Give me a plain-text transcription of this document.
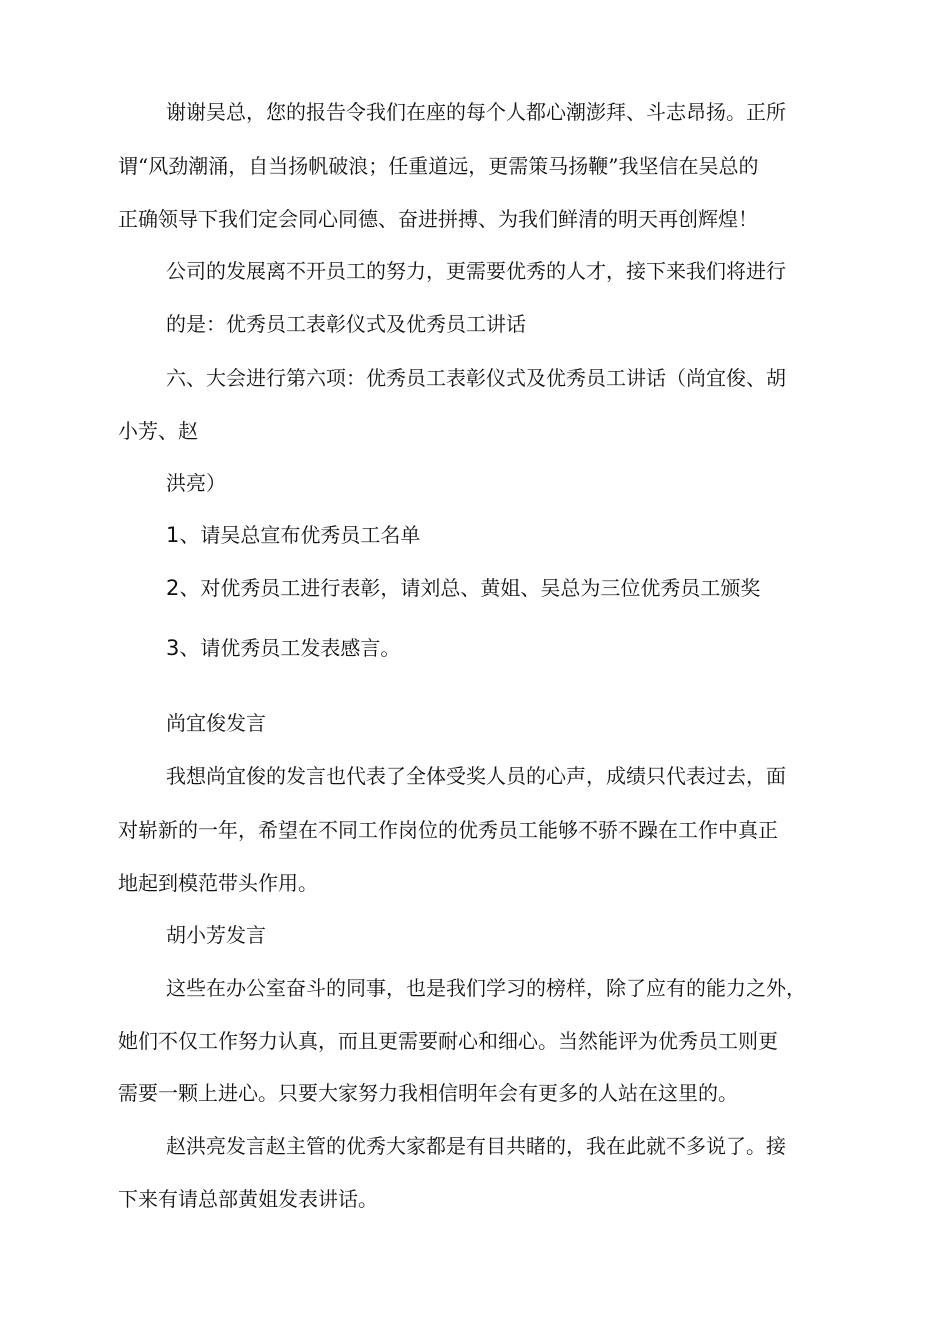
谢谢吴总，您的报告令我们在座的每个人都心潮澎拜、斗志昂扬。正所
谓“风劲潮涌，自当扬帆破浪；任重道远，更需策马扬鞭”我坚信在吴总的
正确领导下我们定会同心同德、奋进拼搏、为我们鲜清的明天再创辉煌！
公司的发展离不开员工的努力，更需要优秀的人才，接下来我们将进行
的是：优秀员工表彰仪式及优秀员工讲话
六、大会进行第六项：优秀员工表彰仪式及优秀员工讲话（尚宜俊、胡
小芳、赵
洪亮）
1、请吴总宣布优秀员工名单
2、对优秀员工进行表彰，请刘总、黄姐、吴总为三位优秀员工颁奖
3、请优秀员工发表感言。
尚宜俊发言
我想尚宜俊的发言也代表了全体受奖人员的心声，成绩只代表过去，面
对崭新的一年，希望在不同工作岗位的优秀员工能够不骄不躁在工作中真正
地起到模范带头作用。
胡小芳发言
这些在办公室奋斗的同事，也是我们学习的榜样，除了应有的能力之外，
她们不仅工作努力认真，而且更需要耐心和细心。当然能评为优秀员工则更
需要一颗上进心。只要大家努力我相信明年会有更多的人站在这里的。
赵洪亮发言赵主管的优秀大家都是有目共睹的，我在此就不多说了。接
下来有请总部黄姐发表讲话。
